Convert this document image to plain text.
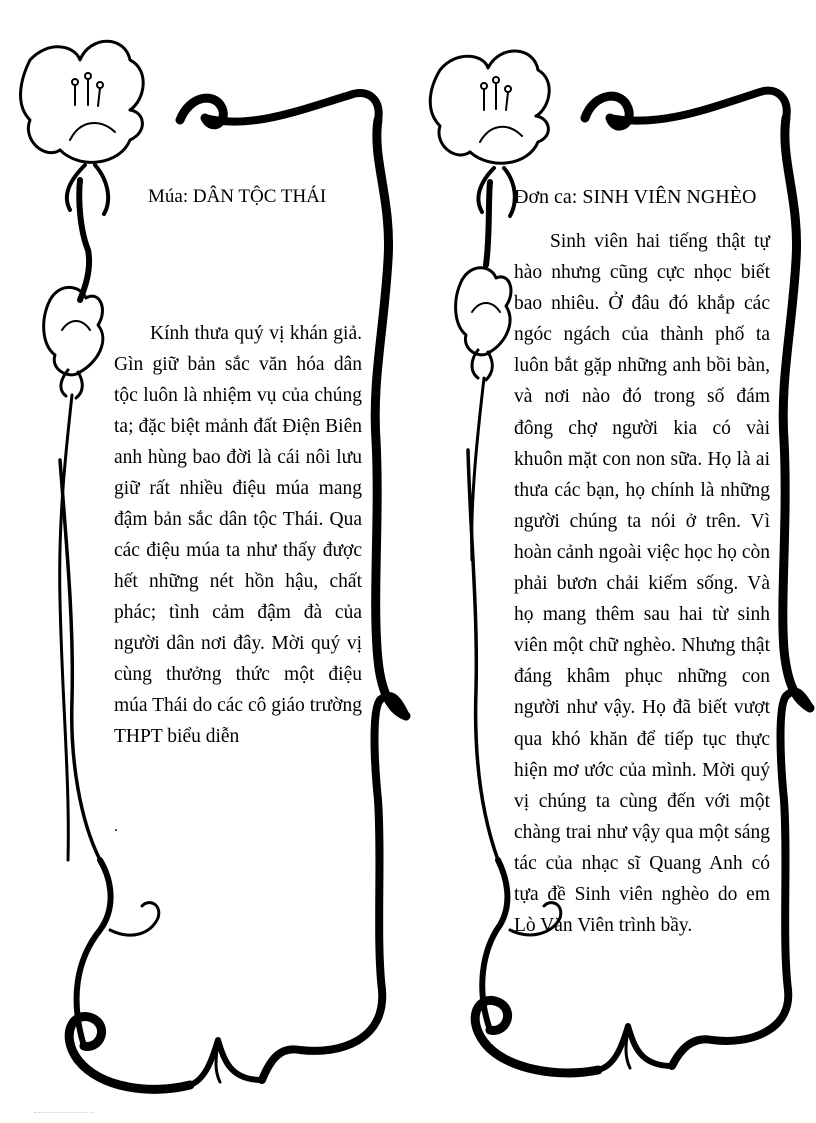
Múa: DÂN TỘC THÁI
Kính thưa quý vị khán giả. Gìn giữ bản sắc văn hóa dân tộc luôn là nhiệm vụ của chúng ta; đặc biệt mảnh đất Điện Biên anh hùng bao đời là cái nôi lưu giữ rất nhiều điệu múa mang đậm bản sắc dân tộc Thái. Qua các điệu múa ta như thấy được hết những nét hồn hậu, chất phác; tình cảm đậm đà của người dân nơi đây. Mời quý vị cùng thưởng thức một điệu múa Thái do các cô giáo trường THPT biểu diễn
.
Đơn ca: SINH VIÊN NGHÈO
Sinh viên hai tiếng thật tự hào nhưng cũng cực nhọc biết bao nhiêu. Ở đâu đó khắp các ngóc ngách của thành phố ta luôn bắt gặp những anh bồi bàn, và nơi nào đó trong số đám đông chợ người kia có vài khuôn mặt con non sữa. Họ là ai thưa các bạn, họ chính là những người chúng ta nói ở trên. Vì hoàn cảnh ngoài việc học họ còn phải bươn chải kiếm sống. Và họ mang thêm sau hai từ sinh viên một chữ nghèo. Nhưng thật đáng khâm phục những con người như vậy. Họ đã biết vượt qua khó khăn để tiếp tục thực hiện mơ ước của mình. Mời quý vị chúng ta cùng đến với một chàng trai như vậy qua một sáng tác của nhạc sĩ Quang Anh có tựa đề Sinh viên nghèo do em Lò Văn Viên trình bầy.
